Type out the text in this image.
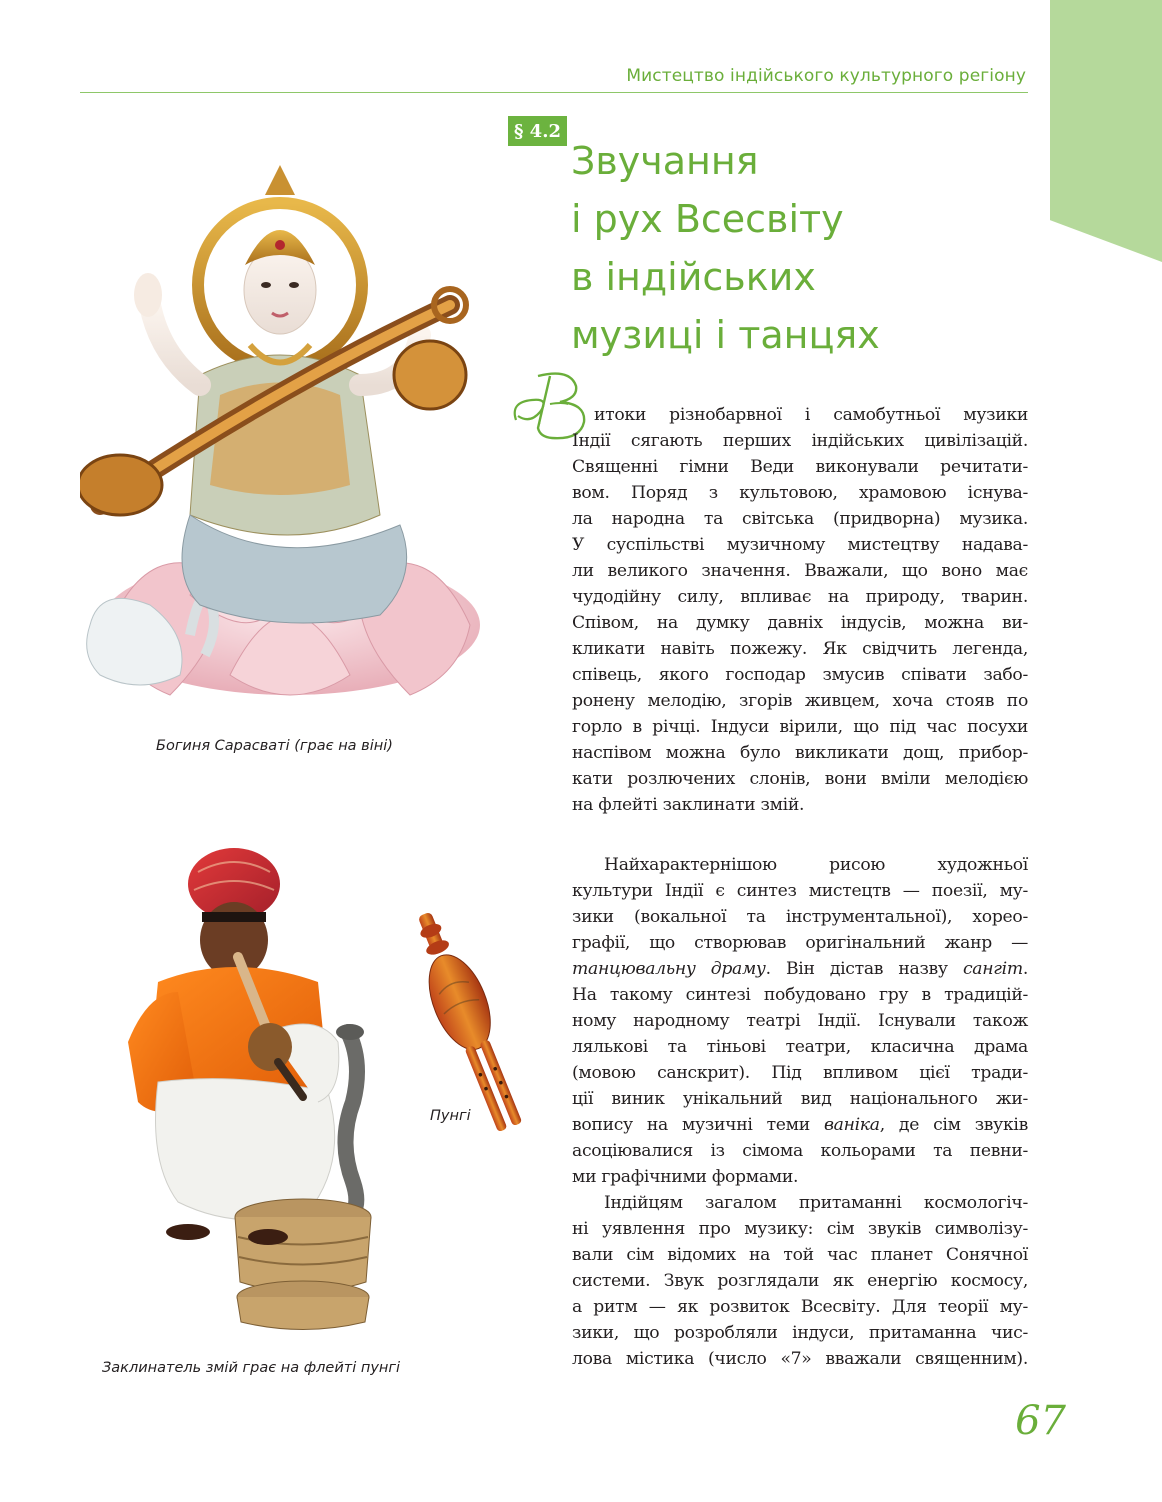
Мистецтво індійського культурного регіону
§ 4.2
Звучання
і рух Всесвіту
в індійських
музиці і танцях
Богиня Сарасваті (грає на віні)
Заклинатель змій грає на флейті пунгі
Пунгі
В	итоки різнобарвної і самобутньої музики
Індії сягають перших індійських цивілізацій.
Священні гімни Веди виконували речитати-
вом. Поряд з культовою, храмовою існува-
ла народна та світська (придворна) музика.
У суспільстві музичному мистецтву надава-
ли великого значення. Вважали, що воно має
чудодійну силу, впливає на природу, тварин.
Співом, на думку давніх індусів, можна ви-
кликати навіть пожежу. Як свідчить легенда,
співець, якого господар змусив співати забо-
ронену мелодію, згорів живцем, хоча стояв по
горло в річці. Індуси вірили, що під час посухи
наспівом можна було викликати дощ, прибор-
кати розлючених слонів, вони вміли мелодією
на флейті заклинати змій.
Найхарактернішою рисою художньої
культури Індії є синтез мистецтв — поезії, му-
зики (вокальної та інструментальної), хорео-
графії, що створював оригінальний жанр —
танцювальну драму. Він дістав назву сангіт.
На такому синтезі побудовано гру в традицій-
ному народному театрі Індії. Існували також
лялькові та тіньові театри, класична драма
(мовою санскрит). Під впливом цієї тради-
ції виник унікальний вид національного жи-
вопису на музичні теми ваніка, де сім звуків
асоціювалися із сімома кольорами та певни-
ми графічними формами.
Індійцям загалом притаманні космологіч-
ні уявлення про музику: сім звуків символізу-
вали сім відомих на той час планет Сонячної
системи. Звук розглядали як енергію космосу,
а ритм — як розвиток Всесвіту. Для теорії му-
зики, що розробляли індуси, притаманна чис-
лова містика (число «7» вважали священним).
67
